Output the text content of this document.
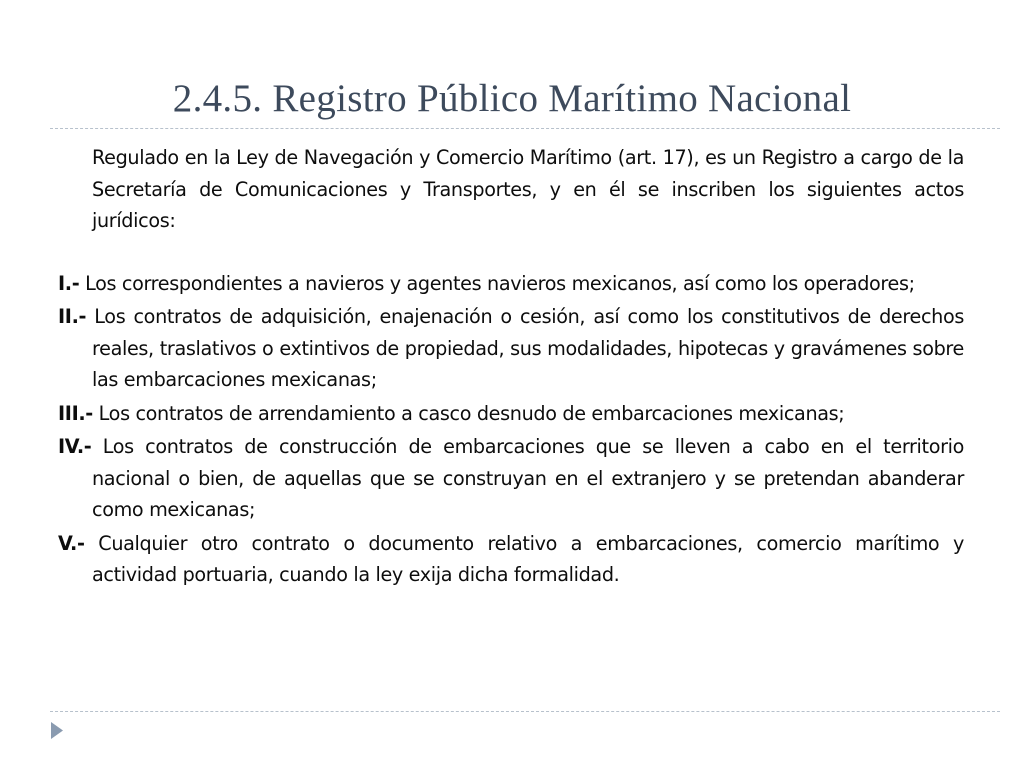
2.4.5. Registro Público Marítimo Nacional

Regulado en la Ley de Navegación y Comercio Marítimo (art. 17), es un Registro a cargo de la Secretaría de Comunicaciones y Transportes, y en él se inscriben los siguientes actos jurídicos:

I.- Los correspondientes a navieros y agentes navieros mexicanos, así como los operadores;

II.- Los contratos de adquisición, enajenación o cesión, así como los constitutivos de derechos reales, traslativos o extintivos de propiedad, sus modalidades, hipotecas y gravámenes sobre las embarcaciones mexicanas;

III.- Los contratos de arrendamiento a casco desnudo de embarcaciones mexicanas;

IV.- Los contratos de construcción de embarcaciones que se lleven a cabo en el territorio nacional o bien, de aquellas que se construyan en el extranjero y se pretendan abanderar como mexicanas;

V.- Cualquier otro contrato o documento relativo a embarcaciones, comercio marítimo y actividad portuaria, cuando la ley exija dicha formalidad.
